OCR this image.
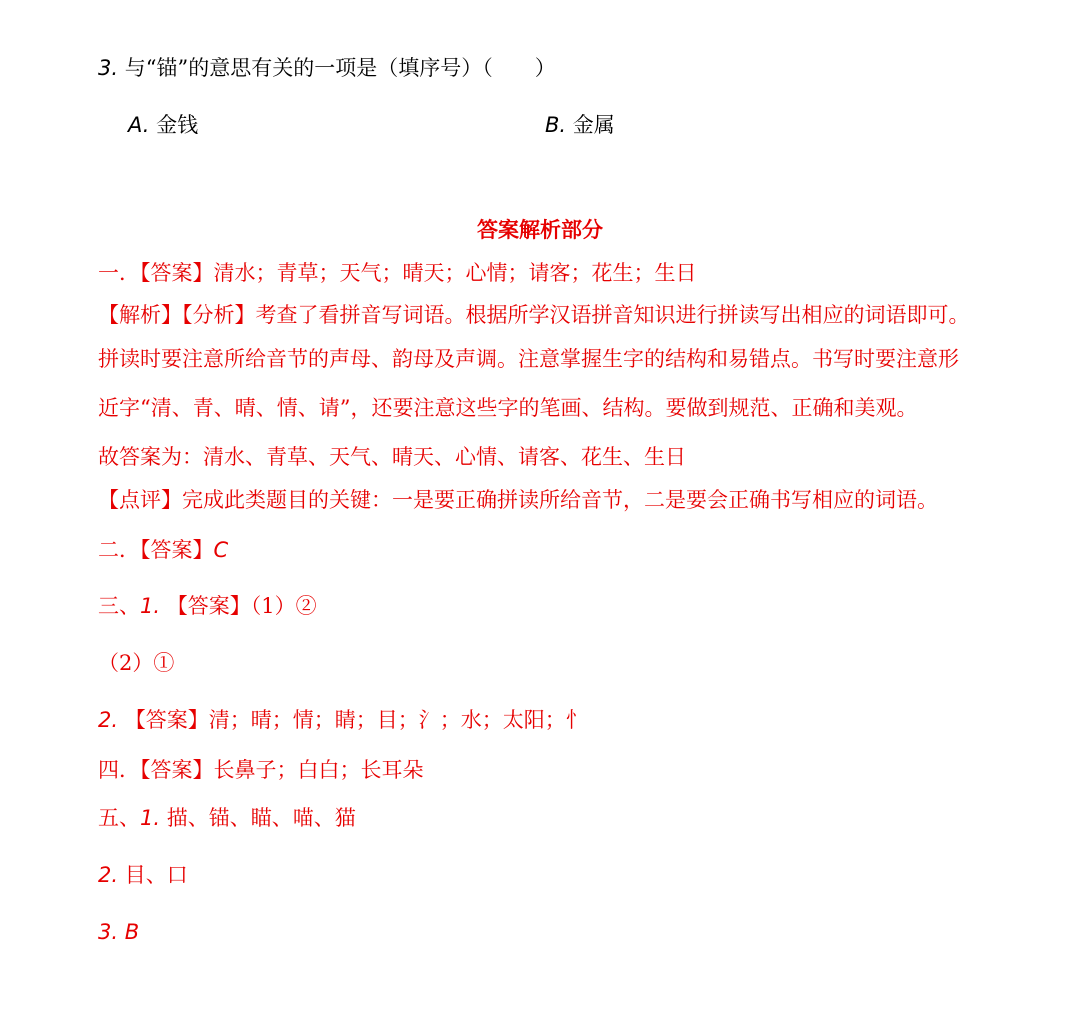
3. 与“锚”的意思有关的一项是（填序号）（　　）
A. 金钱	B. 金属
答案解析部分
一．【答案】清水；青草；天气；晴天；心情；请客；花生；生日
【解析】【分析】考查了看拼音写词语。根据所学汉语拼音知识进行拼读写出相应的词语即可。
拼读时要注意所给音节的声母、韵母及声调。注意掌握生字的结构和易错点。书写时要注意形
近字“清、青、晴、情、请”，还要注意这些字的笔画、结构。要做到规范、正确和美观。
故答案为：清水、青草、天气、晴天、心情、请客、花生、生日
【点评】完成此类题目的关键：一是要正确拼读所给音节，二是要会正确书写相应的词语。
二．【答案】C
三、1. 【答案】（1）②
（2）①
2. 【答案】清；晴；情；睛；目；氵；水；太阳；忄
四．【答案】长鼻子；白白；长耳朵
五、1. 描、锚、瞄、喵、猫
2. 目、口
3. B
